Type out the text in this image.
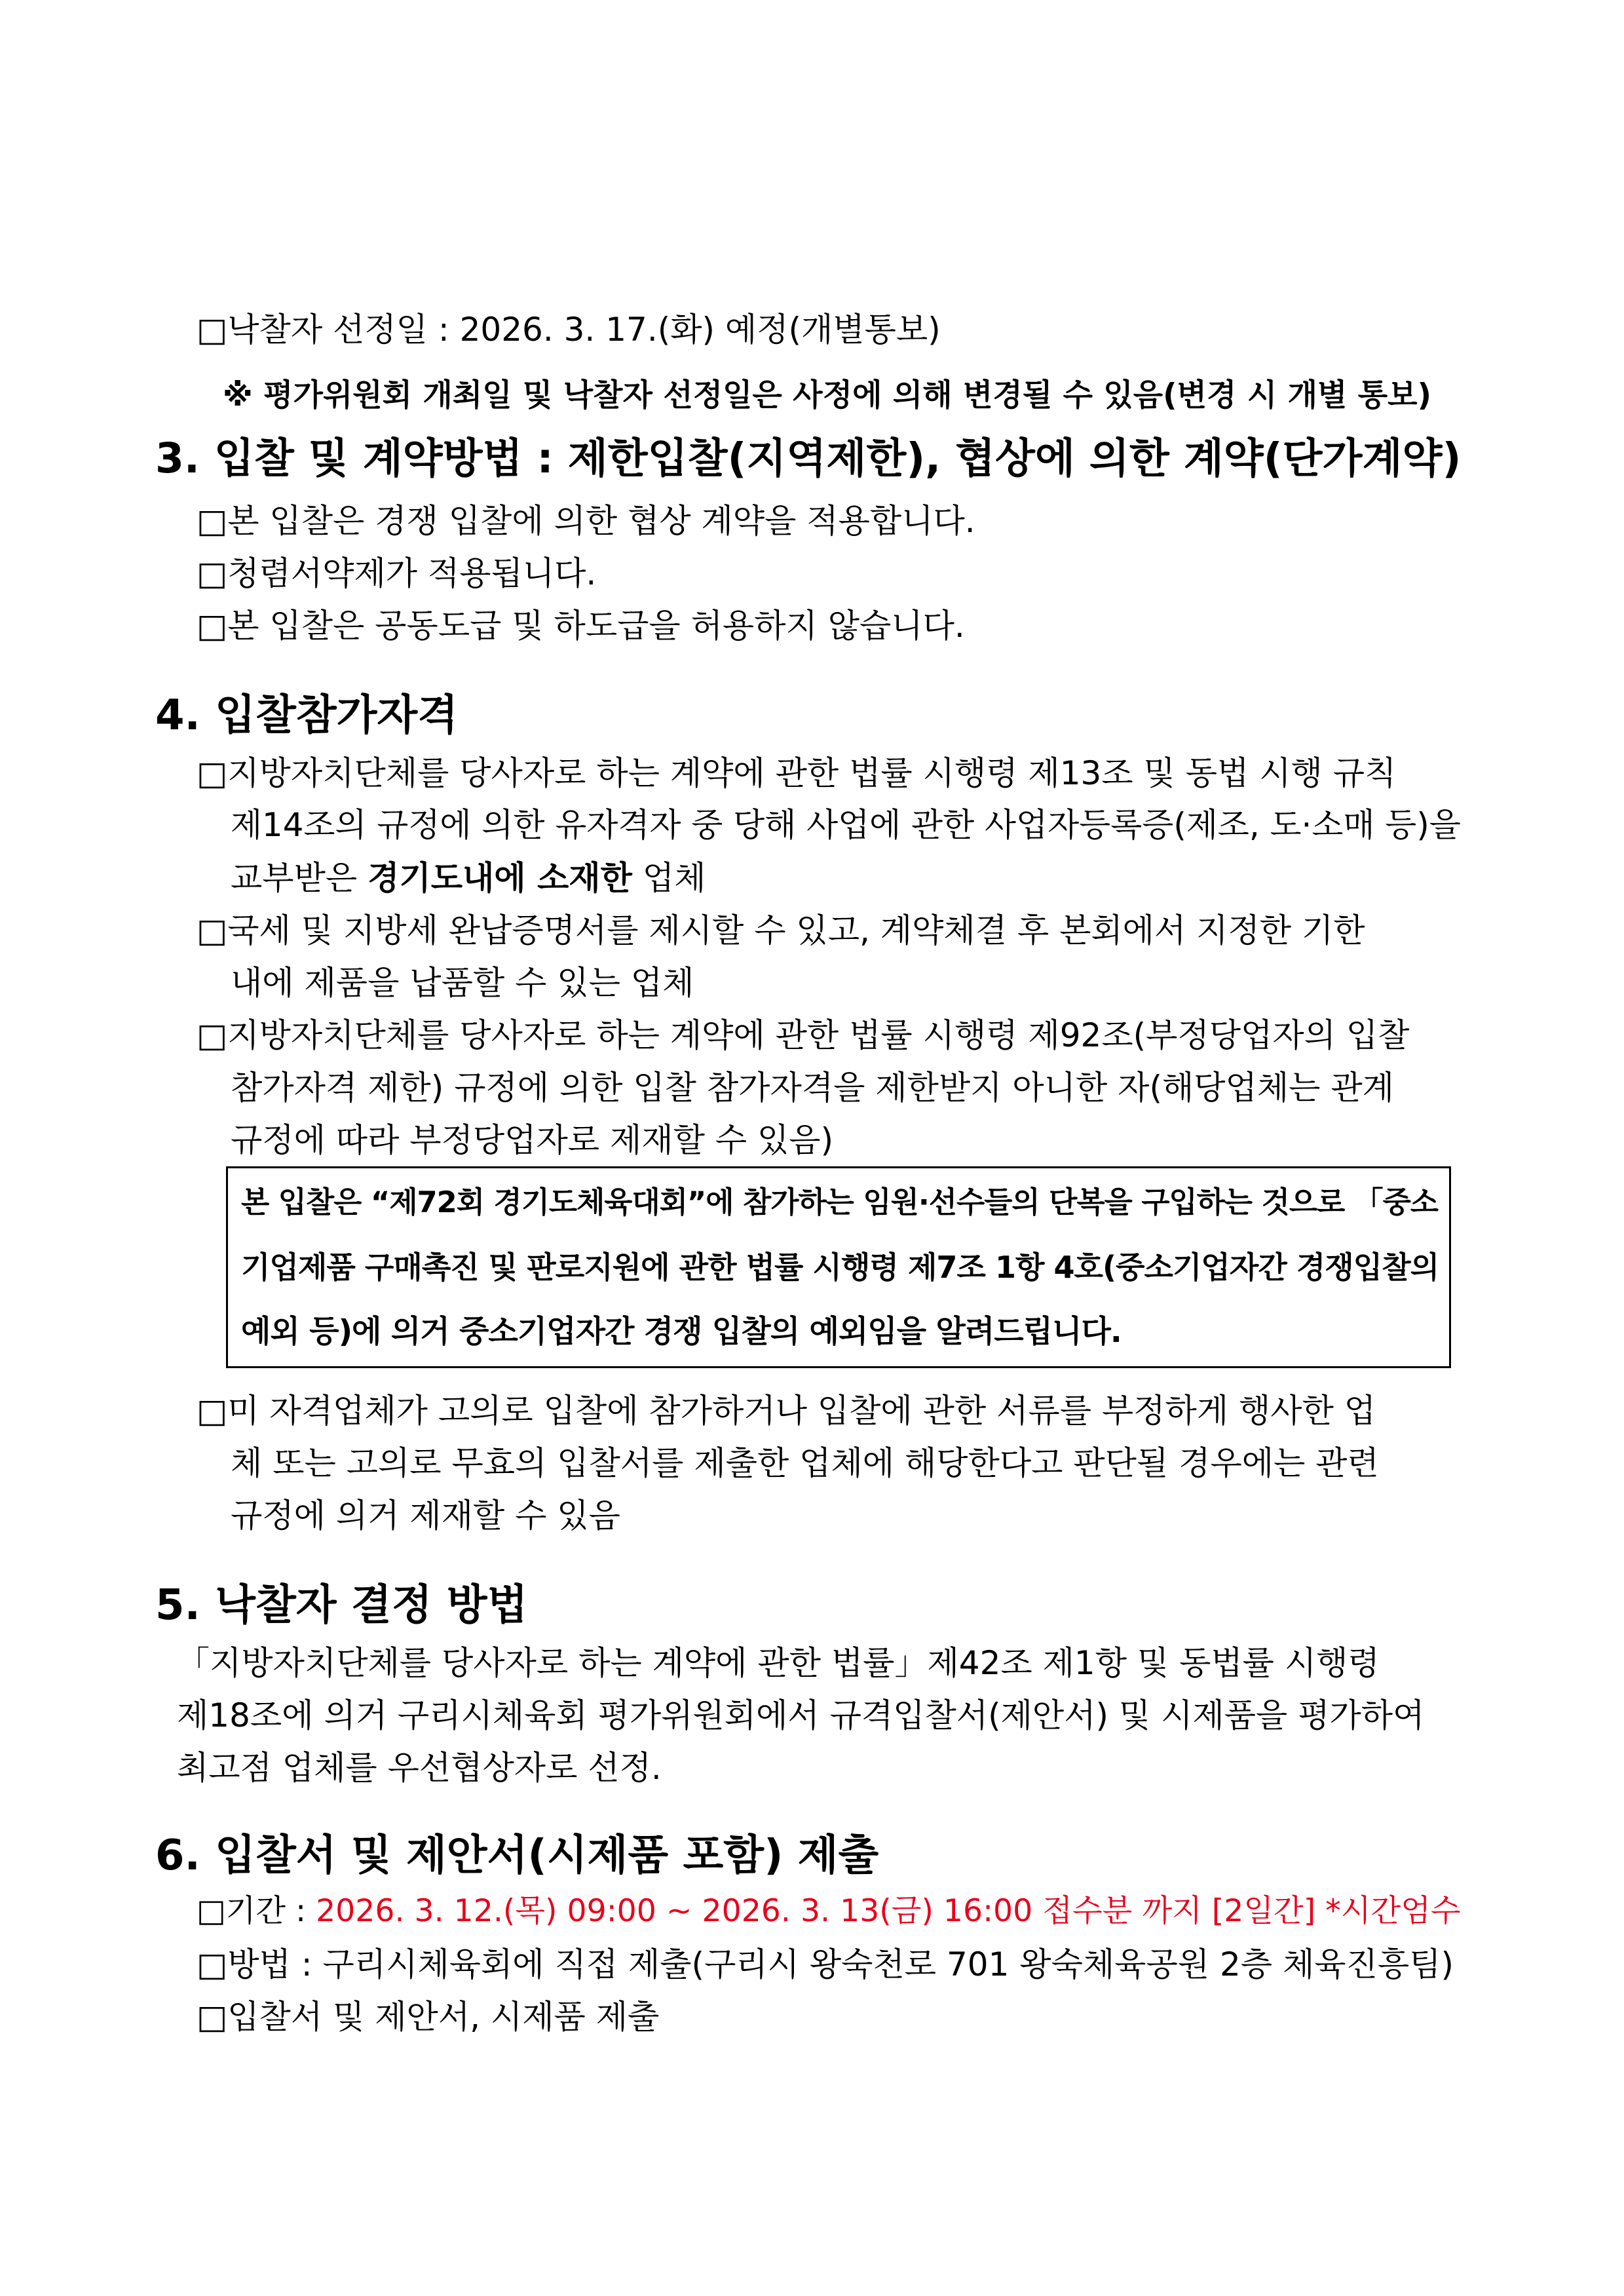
□낙찰자 선정일 : 2026. 3. 17.(화) 예정(개별통보)
※ 평가위원회 개최일 및 낙찰자 선정일은 사정에 의해 변경될 수 있음(변경 시 개별 통보)
3. 입찰 및 계약방법 : 제한입찰(지역제한), 협상에 의한 계약(단가계약)
□본 입찰은 경쟁 입찰에 의한 협상 계약을 적용합니다.
□청렴서약제가 적용됩니다.
□본 입찰은 공동도급 및 하도급을 허용하지 않습니다.
4. 입찰참가자격
□지방자치단체를 당사자로 하는 계약에 관한 법률 시행령 제13조 및 동법 시행 규칙
제14조의 규정에 의한 유자격자 중 당해 사업에 관한 사업자등록증(제조, 도·소매 등)을
교부받은 경기도내에 소재한 업체
□국세 및 지방세 완납증명서를 제시할 수 있고, 계약체결 후 본회에서 지정한 기한
내에 제품을 납품할 수 있는 업체
□지방자치단체를 당사자로 하는 계약에 관한 법률 시행령 제92조(부정당업자의 입찰
참가자격 제한) 규정에 의한 입찰 참가자격을 제한받지 아니한 자(해당업체는 관계
규정에 따라 부정당업자로 제재할 수 있음)
본 입찰은 “제72회 경기도체육대회”에 참가하는 임원·선수들의 단복을 구입하는 것으로 「중소
기업제품 구매촉진 및 판로지원에 관한 법률 시행령 제7조 1항 4호(중소기업자간 경쟁입찰의
예외 등)에 의거 중소기업자간 경쟁 입찰의 예외임을 알려드립니다.
□미 자격업체가 고의로 입찰에 참가하거나 입찰에 관한 서류를 부정하게 행사한 업
체 또는 고의로 무효의 입찰서를 제출한 업체에 해당한다고 판단될 경우에는 관련
규정에 의거 제재할 수 있음
5. 낙찰자 결정 방법
「지방자치단체를 당사자로 하는 계약에 관한 법률」제42조 제1항 및 동법률 시행령
제18조에 의거 구리시체육회 평가위원회에서 규격입찰서(제안서) 및 시제품을 평가하여
최고점 업체를 우선협상자로 선정.
6. 입찰서 및 제안서(시제품 포함) 제출
□기간 : 2026. 3. 12.(목) 09:00 ~ 2026. 3. 13(금) 16:00 접수분 까지 [2일간] *시간엄수
□방법 : 구리시체육회에 직접 제출(구리시 왕숙천로 701 왕숙체육공원 2층 체육진흥팀)
□입찰서 및 제안서, 시제품 제출
